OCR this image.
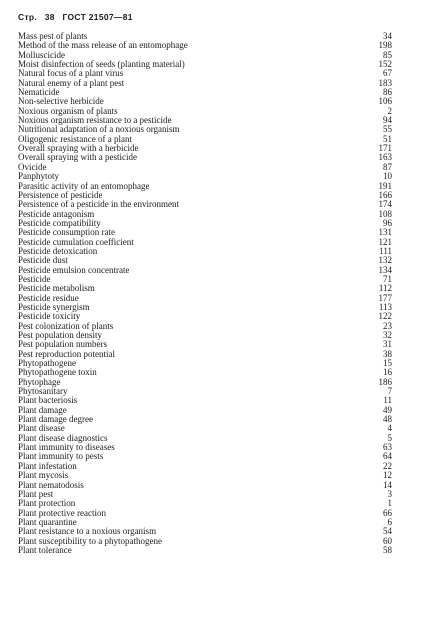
Стр. 38 ГОСТ 21507—81
Mass pest of plants	34
Method of the mass release of an entomophage	198
Molluscicide	85
Moist disinfection of seeds (planting material)	152
Natural focus of a plant virus	67
Natural enemy of a plant pest	183
Nematicide	86
Non-selective herbicide	106
Noxious organism of plants	2
Noxious organism resistance to a pesticide	94
Nutritional adaptation of a noxious organism	55
Oligogenic resistance of a plant	51
Overall spraying with a herbicide	171
Overall spraying with a pesticide	163
Ovicide	87
Panphytoty	10
Parasitic activity of an entomophage	191
Persistence of pesticide	166
Persistence of a pesticide in the environment	174
Pesticide antagonism	108
Pesticide compatibility	96
Pesticide consumption rate	131
Pesticide cumulation coefficient	121
Pesticide detoxication	111
Pesticide dust	132
Pesticide emulsion concentrate	134
Pesticide	71
Pesticide metabolism	112
Pesticide residue	177
Pesticide synergism	113
Pesticide toxicity	122
Pest colonization of plants	23
Pest population density	32
Pest population numbers	31
Pest reproduction potential	38
Phytopathogene	15
Phytopathogene toxin	16
Phytophage	186
Phytosanitary	7
Plant bacteriosis	11
Plant damage	49
Plant damage degree	48
Plant disease	4
Plant disease diagnostics	5
Plant immunity to diseases	63
Plant immunity to pests	64
Plant infestation	22
Plant mycosis	12
Plant nematodosis	14
Plant pest	3
Plant protection	1
Plant protective reaction	66
Plant quarantine	6
Plant resistance to a noxious organism	54
Plant susceptibility to a phytopathogene	60
Plant tolerance	58
